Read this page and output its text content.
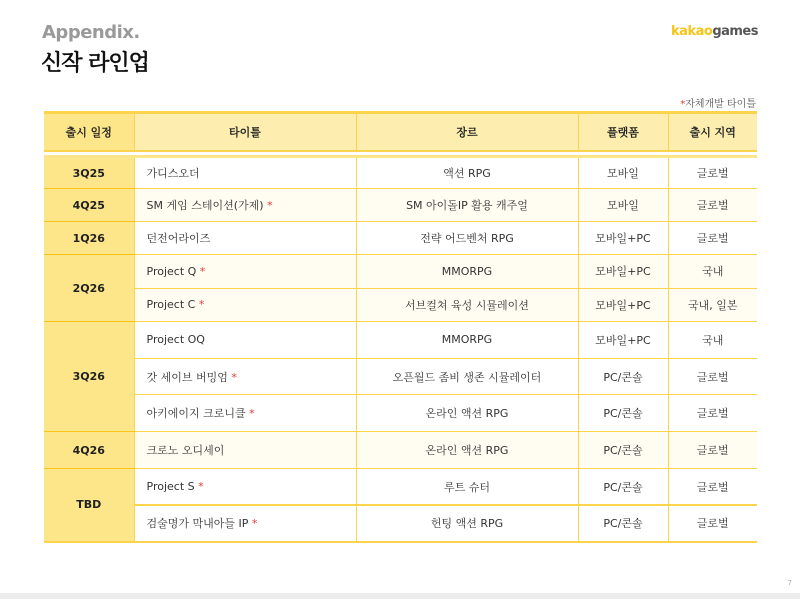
Appendix.
신작 라인업
kakaogames
*자체개발 타이틀
출시 일정	타이틀	장르	플랫폼	출시 지역

3Q25	가디스오더	액션 RPG	모바일	글로벌
4Q25	SM 게임 스테이션(가제) *	SM 아이돌IP 활용 캐주얼	모바일	글로벌
1Q26	던전어라이즈	전략 어드벤처 RPG	모바일+PC	글로벌
2Q26	Project Q *	MMORPG	모바일+PC	국내
	Project C *	서브컬쳐 육성 시뮬레이션	모바일+PC	국내, 일본
3Q26	Project OQ	MMORPG	모바일+PC	국내
	갓 세이브 버밍엄 *	오픈월드 좀비 생존 시뮬레이터	PC/콘솔	글로벌
	아키에이지 크로니클 *	온라인 액션 RPG	PC/콘솔	글로벌
4Q26	크로노 오디세이	온라인 액션 RPG	PC/콘솔	글로벌
TBD	Project S *	루트 슈터	PC/콘솔	글로벌
	검술명가 막내아들 IP *	헌팅 액션 RPG	PC/콘솔	글로벌
7
